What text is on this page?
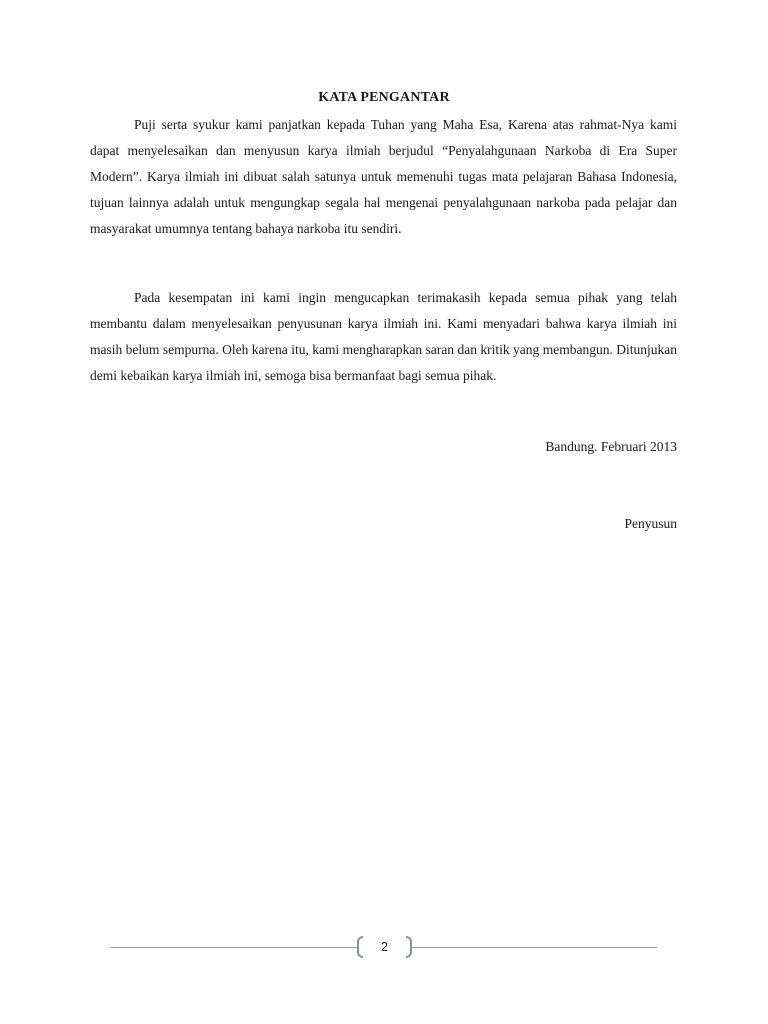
KATA PENGANTAR

Puji serta syukur kami panjatkan kepada Tuhan yang Maha Esa, Karena atas rahmat-Nya kami dapat menyelesaikan dan menyusun karya ilmiah berjudul “Penyalahgunaan Narkoba di Era Super Modern”. Karya ilmiah ini dibuat salah satunya untuk memenuhi tugas mata pelajaran Bahasa Indonesia, tujuan lainnya adalah untuk mengungkap segala hal mengenai penyalahgunaan narkoba pada pelajar dan masyarakat umumnya tentang bahaya narkoba itu sendiri.

Pada kesempatan ini kami ingin mengucapkan terimakasih kepada semua pihak yang telah membantu dalam menyelesaikan penyusunan karya ilmiah ini. Kami menyadari bahwa karya ilmiah ini masih belum sempurna. Oleh karena itu, kami mengharapkan saran dan kritik yang membangun. Ditunjukan demi kebaikan karya ilmiah ini, semoga bisa bermanfaat bagi semua pihak.

Bandung. Februari 2013

Penyusun

2
